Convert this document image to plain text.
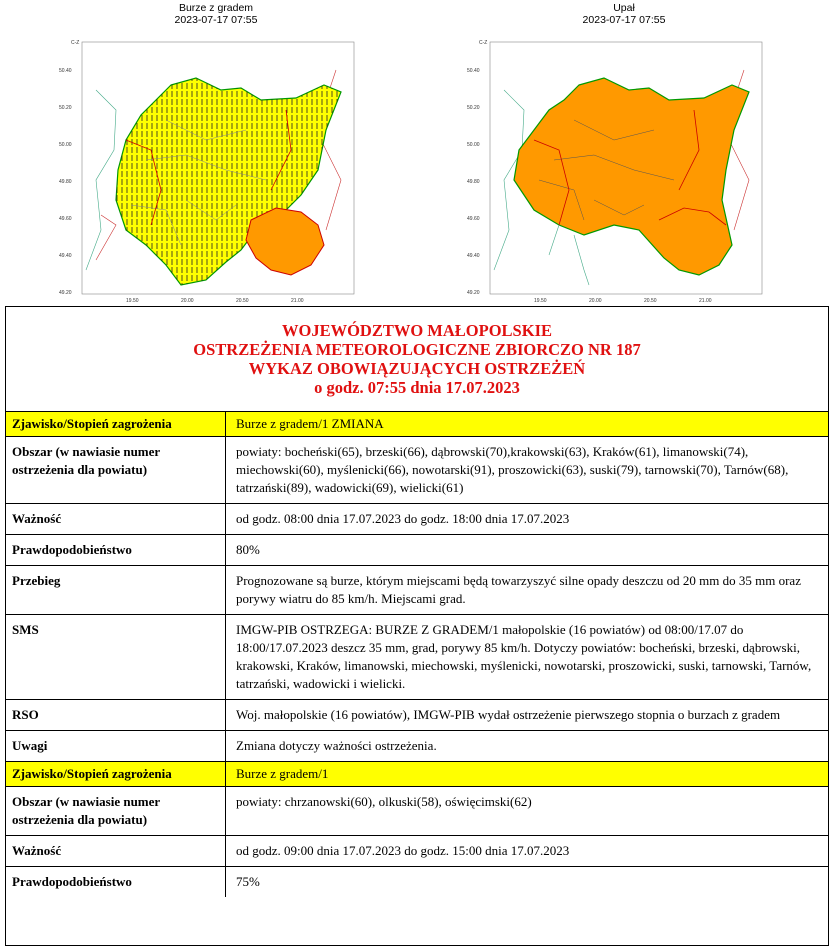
Burze z gradem
2023-07-17 07:55
C-Z
50.40
50.20
50.00
49.80
49.60
49.40
49.20
19.50	20.00	20.50	21.00
Upał
2023-07-17 07:55
C-Z
50.40
50.20
50.00
49.80
49.60
49.40
49.20
19.50	20.00	20.50	21.00
WOJEWÓDZTWO MAŁOPOLSKIE
OSTRZEŻENIA METEOROLOGICZNE ZBIORCZO NR 187
WYKAZ OBOWIĄZUJĄCYCH OSTRZEŻEŃ
o godz. 07:55 dnia 17.07.2023
Zjawisko/Stopień zagrożenia	Burze z gradem/1 ZMIANA
Obszar (w nawiasie numer ostrzeżenia dla powiatu)	powiaty: bocheński(65), brzeski(66), dąbrowski(70),krakowski(63), Kraków(61), limanowski(74), miechowski(60), myślenicki(66), nowotarski(91), proszowicki(63), suski(79), tarnowski(70), Tarnów(68), tatrzański(89), wadowicki(69), wielicki(61)
Ważność	od godz. 08:00 dnia 17.07.2023 do godz. 18:00 dnia 17.07.2023
Prawdopodobieństwo	80%
Przebieg	Prognozowane są burze, którym miejscami będą towarzyszyć silne opady deszczu od 20 mm do 35 mm oraz porywy wiatru do 85 km/h. Miejscami grad.
SMS	IMGW-PIB OSTRZEGA: BURZE Z GRADEM/1 małopolskie (16 powiatów) od 08:00/17.07 do 18:00/17.07.2023 deszcz 35 mm, grad, porywy 85 km/h. Dotyczy powiatów: bocheński, brzeski, dąbrowski, krakowski, Kraków, limanowski, miechowski, myślenicki, nowotarski, proszowicki, suski, tarnowski, Tarnów, tatrzański, wadowicki i wielicki.
RSO	Woj. małopolskie (16 powiatów), IMGW-PIB wydał ostrzeżenie pierwszego stopnia o burzach z gradem
Uwagi	Zmiana dotyczy ważności ostrzeżenia.
Zjawisko/Stopień zagrożenia	Burze z gradem/1
Obszar (w nawiasie numer ostrzeżenia dla powiatu)	powiaty: chrzanowski(60), olkuski(58), oświęcimski(62)
Ważność	od godz. 09:00 dnia 17.07.2023 do godz. 15:00 dnia 17.07.2023
Prawdopodobieństwo	75%
